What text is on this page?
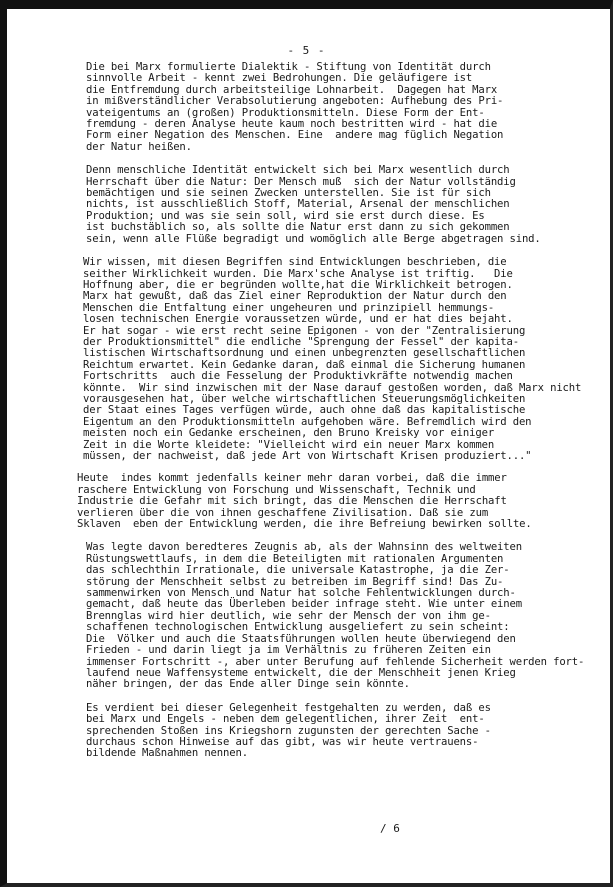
- 5 -

Die bei Marx formulierte Dialektik - Stiftung von Identität durch
sinnvolle Arbeit - kennt zwei Bedrohungen. Die geläufigere ist
die Entfremdung durch arbeitsteilige Lohnarbeit.  Dagegen hat Marx
in mißverständlicher Verabsolutierung angeboten: Aufhebung des Pri-
vateigentums an (großen) Produktionsmitteln. Diese Form der Ent-
fremdung - deren Analyse heute kaum noch bestritten wird - hat die
Form einer Negation des Menschen. Eine  andere mag füglich Negation
der Natur heißen.

Denn menschliche Identität entwickelt sich bei Marx wesentlich durch
Herrschaft über die Natur: Der Mensch muß  sich der Natur vollständig
bemächtigen und sie seinen Zwecken unterstellen. Sie ist für sich
nichts, ist ausschließlich Stoff, Material, Arsenal der menschlichen
Produktion; und was sie sein soll, wird sie erst durch diese. Es
ist buchstäblich so, als sollte die Natur erst dann zu sich gekommen
sein, wenn alle Flüße begradigt und womöglich alle Berge abgetragen sind.

Wir wissen, mit diesen Begriffen sind Entwicklungen beschrieben, die
seither Wirklichkeit wurden. Die Marx'sche Analyse ist triftig.   Die
Hoffnung aber, die er begründen wollte,hat die Wirklichkeit betrogen.
Marx hat gewußt, daß das Ziel einer Reproduktion der Natur durch den
Menschen die Entfaltung einer ungeheuren und prinzipiell hemmungs-
losen technischen Energie voraussetzen würde, und er hat dies bejaht.
Er hat sogar - wie erst recht seine Epigonen - von der "Zentralisierung
der Produktionsmittel" die endliche "Sprengung der Fessel" der kapita-
listischen Wirtschaftsordnung und einen unbegrenzten gesellschaftlichen
Reichtum erwartet. Kein Gedanke daran, daß einmal die Sicherung humanen
Fortschritts  auch die Fesselung der Produktivkräfte notwendig machen
könnte.  Wir sind inzwischen mit der Nase darauf gestoßen worden, daß Marx nicht
vorausgesehen hat, über welche wirtschaftlichen Steuerungsmöglichkeiten
der Staat eines Tages verfügen würde, auch ohne daß das kapitalistische
Eigentum an den Produktionsmitteln aufgehoben wäre. Befremdlich wird den
meisten noch ein Gedanke erscheinen, den Bruno Kreisky vor einiger
Zeit in die Worte kleidete: "Vielleicht wird ein neuer Marx kommen
müssen, der nachweist, daß jede Art von Wirtschaft Krisen produziert..."

Heute  indes kommt jedenfalls keiner mehr daran vorbei, daß die immer
raschere Entwicklung von Forschung und Wissenschaft, Technik und
Industrie die Gefahr mit sich bringt, das die Menschen die Herrschaft
verlieren über die von ihnen geschaffene Zivilisation. Daß sie zum
Sklaven  eben der Entwicklung werden, die ihre Befreiung bewirken sollte.

Was legte davon beredteres Zeugnis ab, als der Wahnsinn des weltweiten
Rüstungswettlaufs, in dem die Beteiligten mit rationalen Argumenten
das schlechthin Irrationale, die universale Katastrophe, ja die Zer-
störung der Menschheit selbst zu betreiben im Begriff sind! Das Zu-
sammenwirken von Mensch und Natur hat solche Fehlentwicklungen durch-
gemacht, daß heute das Überleben beider infrage steht. Wie unter einem
Brennglas wird hier deutlich, wie sehr der Mensch der von ihm ge-
schaffenen technologischen Entwicklung ausgeliefert zu sein scheint:
Die  Völker und auch die Staatsführungen wollen heute überwiegend den
Frieden - und darin liegt ja im Verhältnis zu früheren Zeiten ein
immenser Fortschritt -, aber unter Berufung auf fehlende Sicherheit werden fort-
laufend neue Waffensysteme entwickelt, die der Menschheit jenen Krieg
näher bringen, der das Ende aller Dinge sein könnte.

Es verdient bei dieser Gelegenheit festgehalten zu werden, daß es
bei Marx und Engels - neben dem gelegentlichen, ihrer Zeit  ent-
sprechenden Stoßen ins Kriegshorn zugunsten der gerechten Sache -
durchaus schon Hinweise auf das gibt, was wir heute vertrauens-
bildende Maßnahmen nennen.

/ 6
